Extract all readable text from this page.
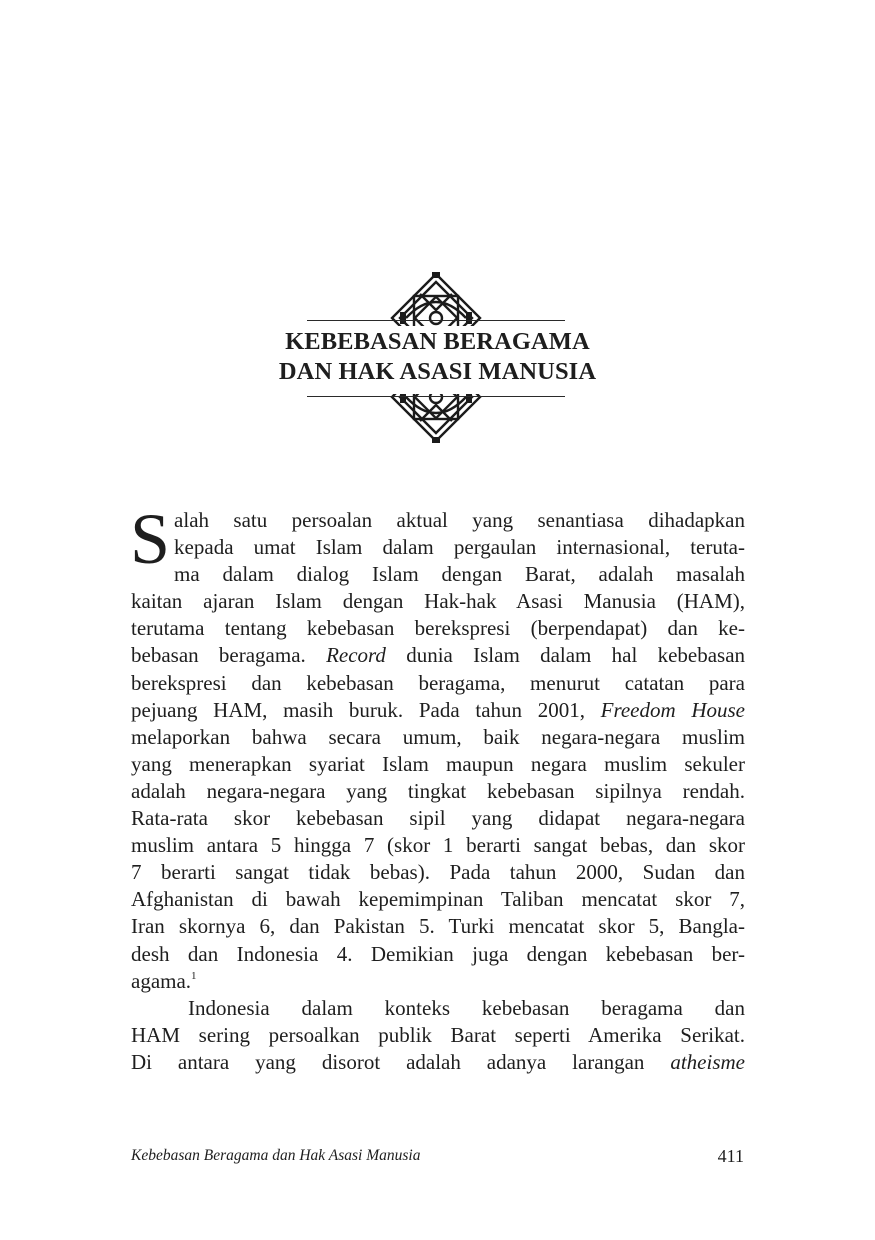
KEBEBASAN BERAGAMA
DAN HAK ASASI MANUSIA

S alah satu persoalan aktual yang senantiasa dihadapkan
kepada umat Islam dalam pergaulan internasional, teruta-
ma dalam dialog Islam dengan Barat, adalah masalah
kaitan ajaran Islam dengan Hak-hak Asasi Manusia (HAM),
terutama tentang kebebasan berekspresi (berpendapat) dan ke-
bebasan beragama. Record dunia Islam dalam hal kebebasan
berekspresi dan kebebasan beragama, menurut catatan para
pejuang HAM, masih buruk. Pada tahun 2001, Freedom House
melaporkan bahwa secara umum, baik negara-negara muslim
yang menerapkan syariat Islam maupun negara muslim sekuler
adalah negara-negara yang tingkat kebebasan sipilnya rendah.
Rata-rata skor kebebasan sipil yang didapat negara-negara
muslim antara 5 hingga 7 (skor 1 berarti sangat bebas, dan skor
7 berarti sangat tidak bebas). Pada tahun 2000, Sudan dan
Afghanistan di bawah kepemimpinan Taliban mencatat skor 7,
Iran skornya 6, dan Pakistan 5. Turki mencatat skor 5, Bangla-
desh dan Indonesia 4. Demikian juga dengan kebebasan ber-
agama.$^1$

Indonesia dalam konteks kebebasan beragama dan
HAM sering persoalkan publik Barat seperti Amerika Serikat.
Di antara yang disorot adalah adanya larangan atheisme

Kebebasan Beragama dan Hak Asasi Manusia	411
